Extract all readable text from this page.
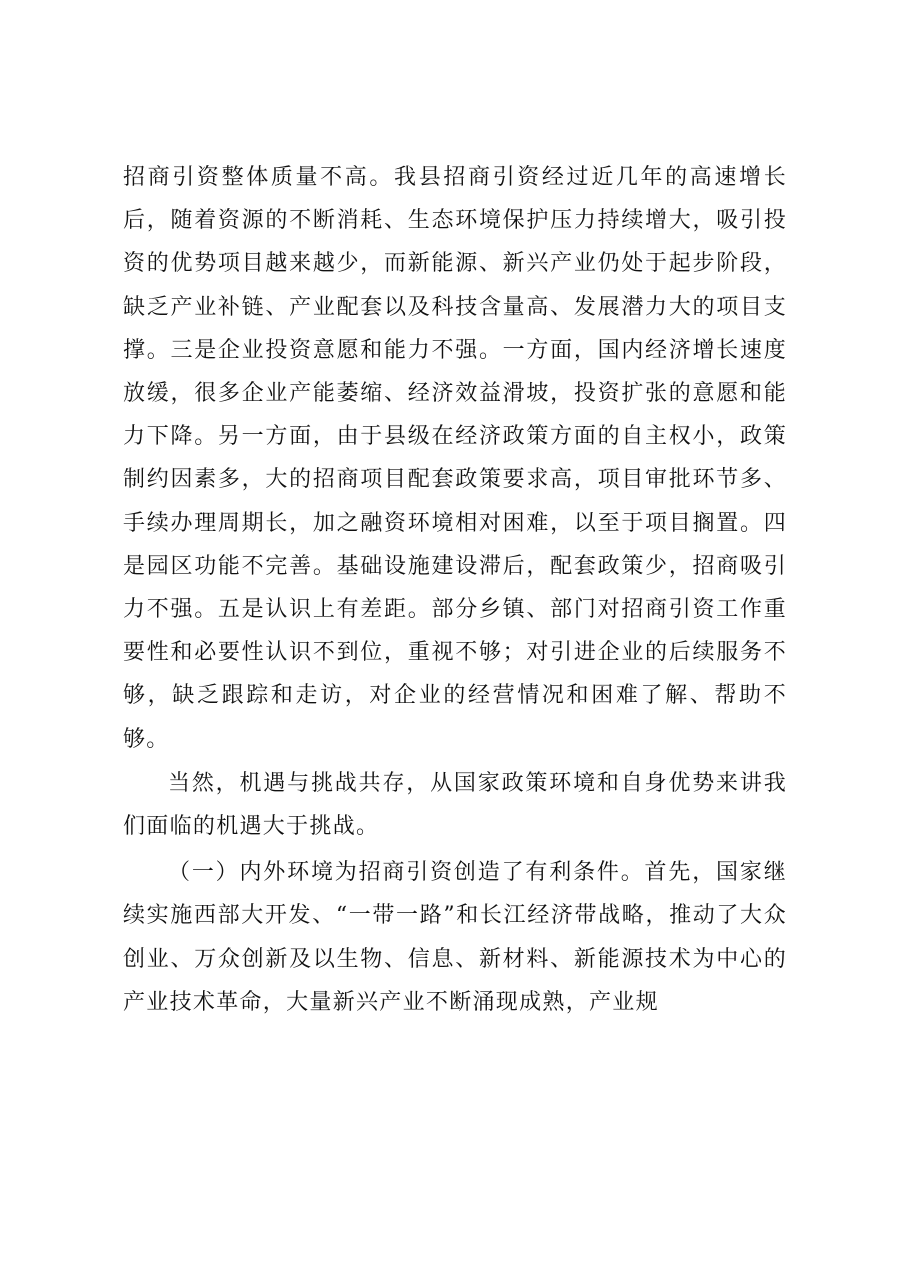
招商引资整体质量不高。我县招商引资经过近几年的高速增长后，随着资源的不断消耗、生态环境保护压力持续增大，吸引投资的优势项目越来越少，而新能源、新兴产业仍处于起步阶段，缺乏产业补链、产业配套以及科技含量高、发展潜力大的项目支撑。三是企业投资意愿和能力不强。一方面，国内经济增长速度放缓，很多企业产能萎缩、经济效益滑坡，投资扩张的意愿和能力下降。另一方面，由于县级在经济政策方面的自主权小，政策制约因素多，大的招商项目配套政策要求高，项目审批环节多、手续办理周期长，加之融资环境相对困难，以至于项目搁置。四是园区功能不完善。基础设施建设滞后，配套政策少，招商吸引力不强。五是认识上有差距。部分乡镇、部门对招商引资工作重要性和必要性认识不到位，重视不够；对引进企业的后续服务不够，缺乏跟踪和走访，对企业的经营情况和困难了解、帮助不够。

当然，机遇与挑战共存，从国家政策环境和自身优势来讲我们面临的机遇大于挑战。

（一）内外环境为招商引资创造了有利条件。首先，国家继续实施西部大开发、“一带一路”和长江经济带战略，推动了大众创业、万众创新及以生物、信息、新材料、新能源技术为中心的产业技术革命，大量新兴产业不断涌现成熟，产业规
